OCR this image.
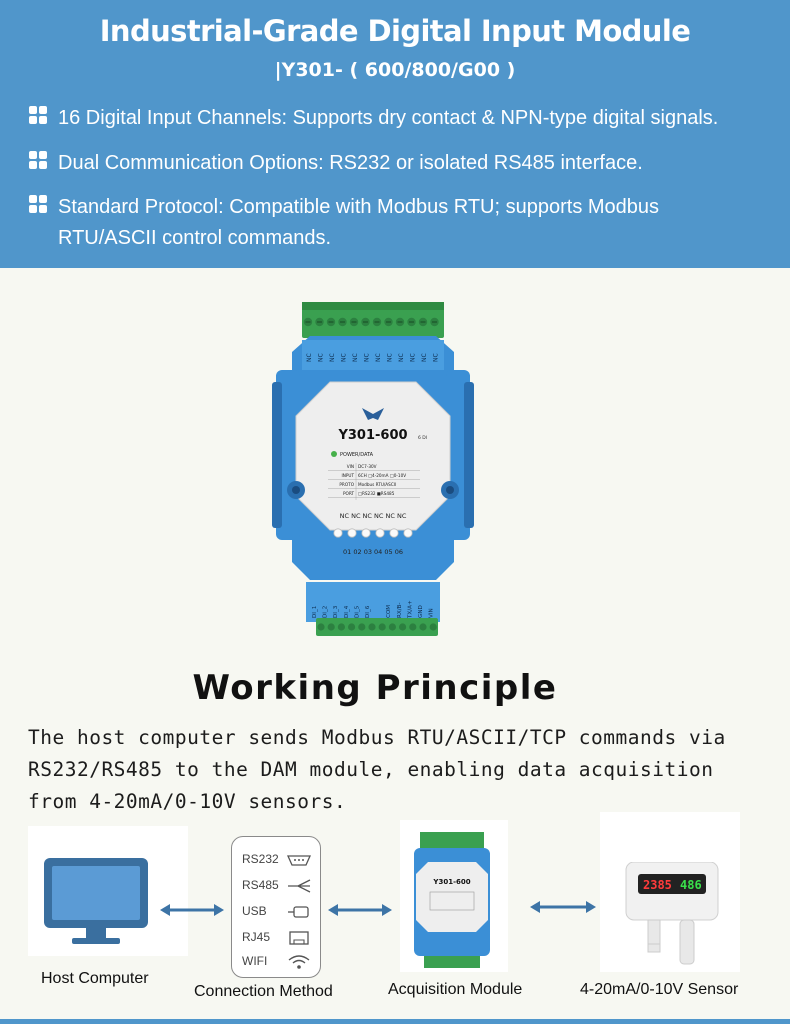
Industrial-Grade Digital Input Module
|Y301- ( 600/800/G00 )
16 Digital Input Channels: Supports dry contact & NPN-type digital signals.
Dual Communication Options: RS232 or isolated RS485 interface.
Standard Protocol: Compatible with Modbus RTU; supports Modbus RTU/ASCII control commands.
NC NC NC NC NC NC NC NC NC NC NC NC
Y301-600 6 DI
POWER/DATA
VIN DC7-30V
INPUT 6CH □4-20mA □0-10V
PROTO Modbus RTU/ASCII
PORT □RS232 ■RS485
NC NC NC NC NC NC
01 02 03 04 05 06
DI_1 DI_2 DI_3 DI_4 DI_5 DI_6	COM RX/B- TX/A+ GND VIN
Working Principle
The host computer sends Modbus RTU/ASCII/TCP commands via RS232/RS485 to the DAM module, enabling data acquisition from 4-20mA/0-10V sensors.
Host Computer
RS232
RS485
USB
RJ45
WIFI
Connection Method
Y301-600
Acquisition Module
2385 486
4-20mA/0-10V Sensor
